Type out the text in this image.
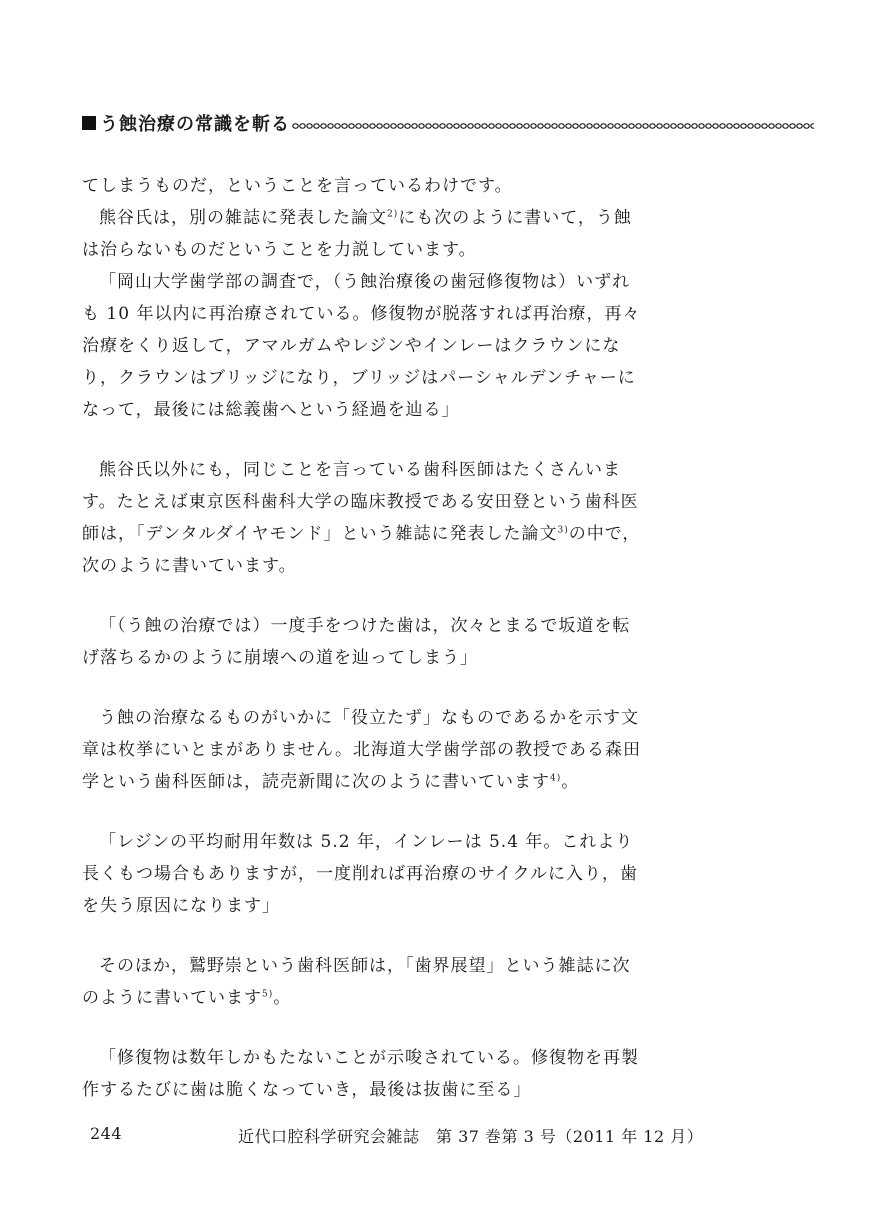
う蝕治療の常識を斬る

てしまうものだ，ということを言っているわけです。

熊谷氏は，別の雑誌に発表した論文$^{2)}$にも次のように書いて，う蝕は治らないものだということを力説しています。

「岡山大学歯学部の調査で，（う蝕治療後の歯冠修復物は）いずれも 10 年以内に再治療されている。修復物が脱落すれば再治療，再々治療をくり返して，アマルガムやレジンやインレーはクラウンになり，クラウンはブリッジになり，ブリッジはパーシャルデンチャーになって，最後には総義歯へという経過を辿る」

熊谷氏以外にも，同じことを言っている歯科医師はたくさんいます。たとえば東京医科歯科大学の臨床教授である安田登という歯科医師は，「デンタルダイヤモンド」という雑誌に発表した論文$^{3)}$の中で，次のように書いています。

「（う蝕の治療では）一度手をつけた歯は，次々とまるで坂道を転げ落ちるかのように崩壊への道を辿ってしまう」

う蝕の治療なるものがいかに「役立たず」なものであるかを示す文章は枚挙にいとまがありません。北海道大学歯学部の教授である森田学という歯科医師は，読売新聞に次のように書いています$^{4)}$。

「レジンの平均耐用年数は 5.2 年，インレーは 5.4 年。これより長くもつ場合もありますが，一度削れば再治療のサイクルに入り，歯を失う原因になります」

そのほか，鷲野崇という歯科医師は，「歯界展望」という雑誌に次のように書いています$^{5)}$。

「修復物は数年しかもたないことが示唆されている。修復物を再製作するたびに歯は脆くなっていき，最後は抜歯に至る」

244	近代口腔科学研究会雑誌　第 37 巻第 3 号（2011 年 12 月）
